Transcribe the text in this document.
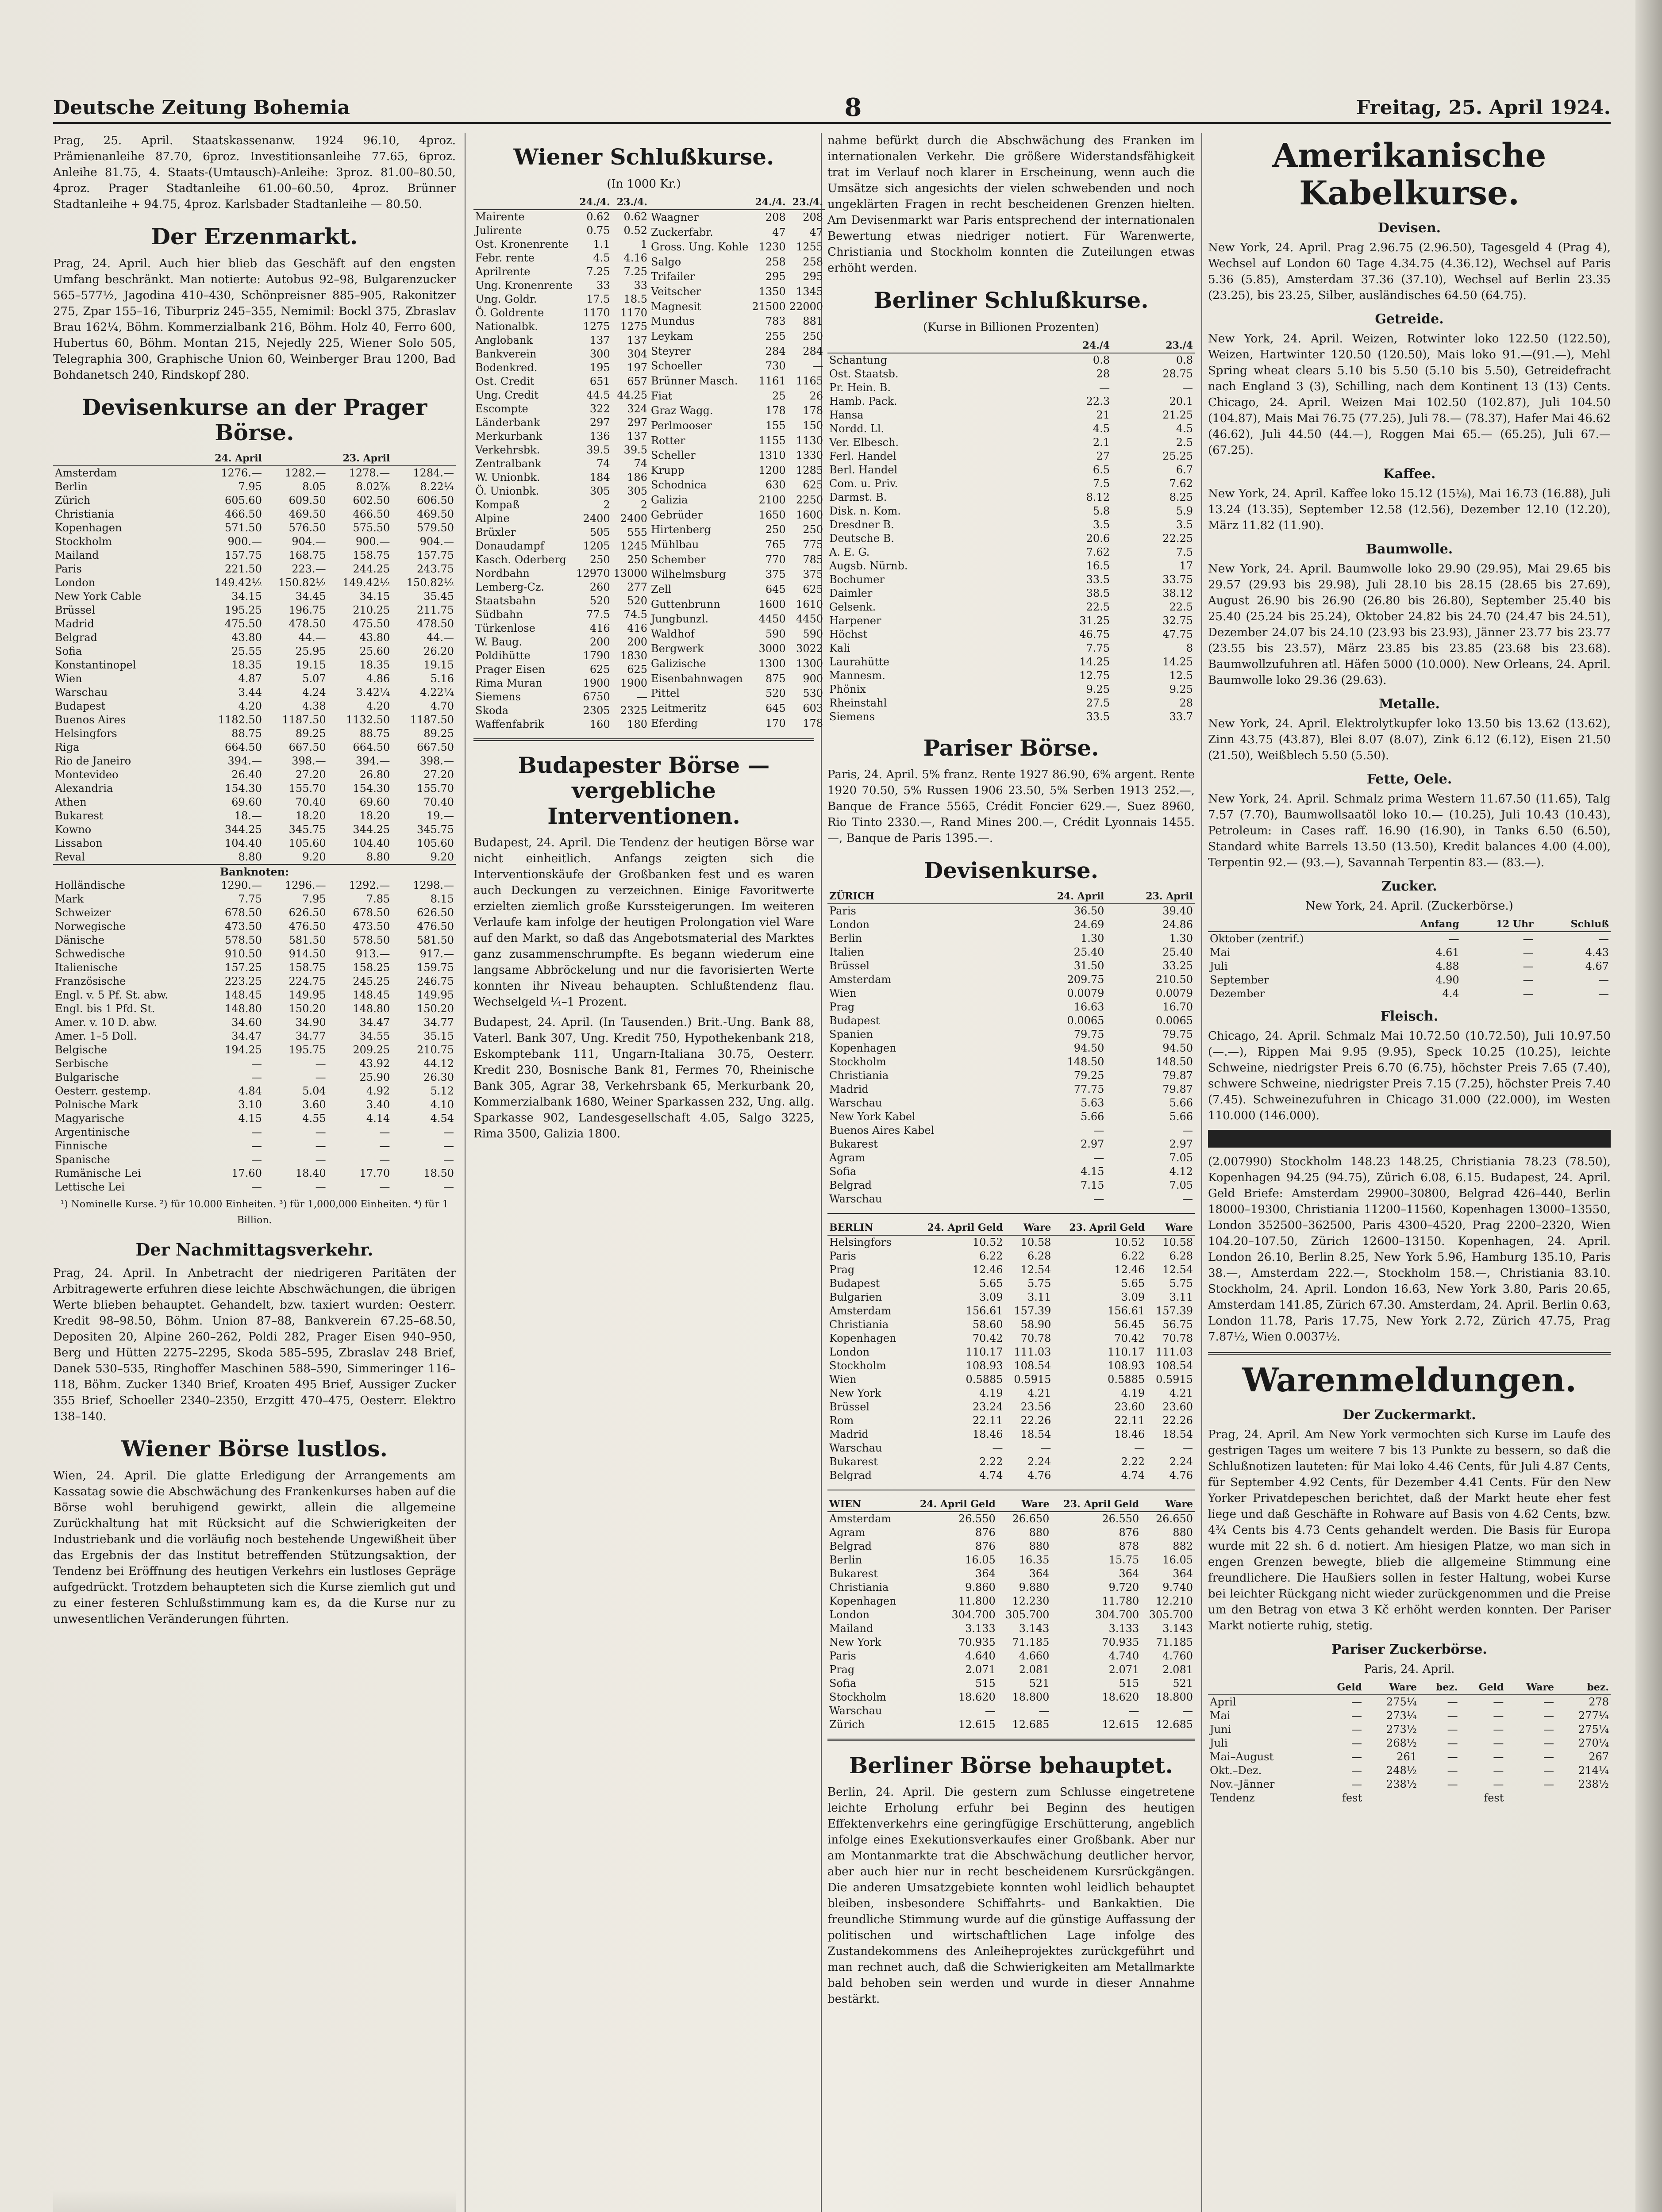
Deutsche Zeitung Bohemia	8	Freitag, 25. April 1924.

Prag, 25. April. Staatskassenanw. 1924 96.10, 4proz. Prämienanleihe 87.70, 6proz. Investitionsanleihe 77.65, 6proz. Anleihe 81.75, 4. Staats-(Umtausch)-Anleihe: 3proz. 81.00–80.50, 4proz. Prager Stadtanleihe 61.00–60.50, 4proz. Brünner Stadtanleihe + 94.75, 4proz. Karlsbader Stadtanleihe — 80.50.

Der Erzenmarkt.

Prag, 24. April. Auch hier blieb das Geschäft auf den engsten Umfang beschränkt. Man notierte: Autobus 92–98, Bulgarenzucker 565–577½, Jagodina 410–430, Schönpreisner 885–905, Rakonitzer 275, Zpar 155–16, Tiburpriz 245–355, Nemimil: Bockl 375, Zbraslav Brau 162¼, Böhm. Kommerzialbank 216, Böhm. Holz 40, Ferro 600, Hubertus 60, Böhm. Montan 215, Nejedly 225, Wiener Solo 505, Telegraphia 300, Graphische Union 60, Weinberger Brau 1200, Bad Bohdanetsch 240, Rindskopf 280.

Devisenkurse an der Prager Börse.
	24. April		23. April	
Amsterdam	1276.—	1282.—	1278.—	1284.—
Berlin	7.95	8.05	8.02⅞	8.22¼
Zürich	605.60	609.50	602.50	606.50
Christiania	466.50	469.50	466.50	469.50
Kopenhagen	571.50	576.50	575.50	579.50
Stockholm	900.—	904.—	900.—	904.—
Mailand	157.75	168.75	158.75	157.75
Paris	221.50	223.—	244.25	243.75
London	149.42½	150.82½	149.42½	150.82½
New York Cable	34.15	34.45	34.15	35.45
Brüssel	195.25	196.75	210.25	211.75
Madrid	475.50	478.50	475.50	478.50
Belgrad	43.80	44.—	43.80	44.—
Sofia	25.55	25.95	25.60	26.20
Konstantinopel	18.35	19.15	18.35	19.15
Wien	4.87	5.07	4.86	5.16
Warschau	3.44	4.24	3.42¼	4.22¼
Budapest	4.20	4.38	4.20	4.70
Buenos Aires	1182.50	1187.50	1132.50	1187.50
Helsingfors	88.75	89.25	88.75	89.25
Riga	664.50	667.50	664.50	667.50
Rio de Janeiro	394.—	398.—	394.—	398.—
Montevideo	26.40	27.20	26.80	27.20
Alexandria	154.30	155.70	154.30	155.70
Athen	69.60	70.40	69.60	70.40
Bukarest	18.—	18.20	18.20	19.—
Kowno	344.25	345.75	344.25	345.75
Lissabon	104.40	105.60	104.40	105.60
Reval	8.80	9.20	8.80	9.20
Banknoten:				
Holländische	1290.—	1296.—	1292.—	1298.—
Mark	7.75	7.95	7.85	8.15
Schweizer	678.50	626.50	678.50	626.50
Norwegische	473.50	476.50	473.50	476.50
Dänische	578.50	581.50	578.50	581.50
Schwedische	910.50	914.50	913.—	917.—
Italienische	157.25	158.75	158.25	159.75
Französische	223.25	224.75	245.25	246.75
Engl. v. 5 Pf. St. abw.	148.45	149.95	148.45	149.95
Engl. bis 1 Pfd. St.	148.80	150.20	148.80	150.20
Amer. v. 10 D. abw.	34.60	34.90	34.47	34.77
Amer. 1–5 Doll.	34.47	34.77	34.55	35.15
Belgische	194.25	195.75	209.25	210.75
Serbische	—	—	43.92	44.12
Bulgarische	—	—	25.90	26.30
Oesterr. gestemp.	4.84	5.04	4.92	5.12
Polnische Mark	3.10	3.60	3.40	4.10
Magyarische	4.15	4.55	4.14	4.54
Argentinische	—	—	—	—
Finnische	—	—	—	—
Spanische	—	—	—	—
Rumänische Lei	17.60	18.40	17.70	18.50
Lettische Lei	—	—	—	—
¹) Nominelle Kurse. ²) für 10.000 Einheiten. ³) für 1,000,000 Einheiten. ⁴) für 1 Billion.
Der Nachmittagsverkehr.

Prag, 24. April. In Anbetracht der niedrigeren Paritäten der Arbitragewerte erfuhren diese leichte Abschwächungen, die übrigen Werte blieben behauptet. Gehandelt, bzw. taxiert wurden: Oesterr. Kredit 98–98.50, Böhm. Union 87–88, Bankverein 67.25–68.50, Depositen 20, Alpine 260–262, Poldi 282, Prager Eisen 940–950, Berg und Hütten 2275–2295, Skoda 585–595, Zbraslav 248 Brief, Danek 530–535, Ringhoffer Maschinen 588–590, Simmeringer 116–118, Böhm. Zucker 1340 Brief, Kroaten 495 Brief, Aussiger Zucker 355 Brief, Schoeller 2340–2350, Erzgitt 470–475, Oesterr. Elektro 138–140.

Wiener Börse lustlos.

Wien, 24. April. Die glatte Erledigung der Arrangements am Kassatag sowie die Abschwächung des Frankenkurses haben auf die Börse wohl beruhigend gewirkt, allein die allgemeine Zurückhaltung hat mit Rücksicht auf die Schwierigkeiten der Industriebank und die vorläufig noch bestehende Ungewißheit über das Ergebnis der das Institut betreffenden Stützungsaktion, der Tendenz bei Eröffnung des heutigen Verkehrs ein lustloses Gepräge aufgedrückt. Trotzdem behaupteten sich die Kurse ziemlich gut und zu einer festeren Schlußstimmung kam es, da die Kurse nur zu unwesentlichen Veränderungen führten.

Wiener Schlußkurse.
(In 1000 Kr.)
	24./4.	23./4.
Mairente	0.62	0.62
Julirente	0.75	0.52
Ost. Kronenrente	1.1	1
Febr. rente	4.5	4.16
Aprilrente	7.25	7.25
Ung. Kronenrente	33	33
Ung. Goldr.	17.5	18.5
Ö. Goldrente	1170	1170
Nationalbk.	1275	1275
Anglobank	137	137
Bankverein	300	304
Bodenkred.	195	197
Ost. Credit	651	657
Ung. Credit	44.5	44.25
Escompte	322	324
Länderbank	297	297
Merkurbank	136	137
Verkehrsbk.	39.5	39.5
Zentralbank	74	74
W. Unionbk.	184	186
Ö. Unionbk.	305	305
Kompaß	2	2
Alpine	2400	2400
Brüxler	505	555
Donaudampf	1205	1245
Kasch. Oderberg	250	250
Nordbahn	12970	13000
Lemberg-Cz.	260	277
Staatsbahn	520	520
Südbahn	77.5	74.5
Türkenlose	416	416
W. Baug.	200	200
Poldihütte	1790	1830
Prager Eisen	625	625
Rima Muran	1900	1900
Siemens	6750	—
Skoda	2305	2325
Waffenfabrik	160	180
	24./4.	23./4.
Waagner	208	208
Zuckerfabr.	47	47
Gross. Ung. Kohle	1230	1255
Salgo	258	258
Trifailer	295	295
Veitscher	1350	1345
Magnesit	21500	22000
Mundus	783	881
Leykam	255	250
Steyrer	284	284
Schoeller	730	—
Brünner Masch.	1161	1165
Fiat	25	26
Graz Wagg.	178	178
Perlmooser	155	150
Rotter	1155	1130
Scheller	1310	1330
Krupp	1200	1285
Schodnica	630	625
Galizia	2100	2250
Gebrüder	1650	1600
Hirtenberg	250	250
Mühlbau	765	775
Schember	770	785
Wilhelmsburg	375	375
Zell	645	625
Guttenbrunn	1600	1610
Jungbunzl.	4450	4450
Waldhof	590	590
Bergwerk	3000	3022
Galizische	1300	1300
Eisenbahnwagen	875	900
Pittel	520	530
Leitmeritz	645	603
Eferding	170	178
Budapester Börse — vergebliche Interventionen.

Budapest, 24. April. Die Tendenz der heutigen Börse war nicht einheitlich. Anfangs zeigten sich die Interventionskäufe der Großbanken fest und es waren auch Deckungen zu verzeichnen. Einige Favoritwerte erzielten ziemlich große Kurssteigerungen. Im weiteren Verlaufe kam infolge der heutigen Prolongation viel Ware auf den Markt, so daß das Angebotsmaterial des Marktes ganz zusammenschrumpfte. Es begann wiederum eine langsame Abbröckelung und nur die favorisierten Werte konnten ihr Niveau behaupten. Schlußtendenz flau. Wechselgeld ¼–1 Prozent.

Budapest, 24. April. (In Tausenden.) Brit.-Ung. Bank 88, Vaterl. Bank 307, Ung. Kredit 750, Hypothekenbank 218, Eskomptebank 111, Ungarn-Italiana 30.75, Oesterr. Kredit 230, Bosnische Bank 81, Fermes 70, Rheinische Bank 305, Agrar 38, Verkehrsbank 65, Merkurbank 20, Kommerzialbank 1680, Weiner Sparkassen 232, Ung. allg. Sparkasse 902, Landesgesellschaft 4.05, Salgo 3225, Rima 3500, Galizia 1800.

nahme befürkt durch die Abschwächung des Franken im internationalen Verkehr. Die größere Widerstandsfähigkeit trat im Verlauf noch klarer in Erscheinung, wenn auch die Umsätze sich angesichts der vielen schwebenden und noch ungeklärten Fragen in recht bescheidenen Grenzen hielten. Am Devisenmarkt war Paris entsprechend der internationalen Bewertung etwas niedriger notiert. Für Warenwerte, Christiania und Stockholm konnten die Zuteilungen etwas erhöht werden.

Berliner Schlußkurse.
(Kurse in Billionen Prozenten)
	24./4	23./4
Schantung	0.8	0.8
Ost. Staatsb.	28	28.75
Pr. Hein. B.	—	—
Hamb. Pack.	22.3	20.1
Hansa	21	21.25
Nordd. Ll.	4.5	4.5
Ver. Elbesch.	2.1	2.5
Ferl. Handel	27	25.25
Berl. Handel	6.5	6.7
Com. u. Priv.	7.5	7.62
Darmst. B.	8.12	8.25
Disk. n. Kom.	5.8	5.9
Dresdner B.	3.5	3.5
Deutsche B.	20.6	22.25
A. E. G.	7.62	7.5
Augsb. Nürnb.	16.5	17
Bochumer	33.5	33.75
Daimler	38.5	38.12
Gelsenk.	22.5	22.5
Harpener	31.25	32.75
Höchst	46.75	47.75
Kali	7.75	8
Laurahütte	14.25	14.25
Mannesm.	12.75	12.5
Phönix	9.25	9.25
Rheinstahl	27.5	28
Siemens	33.5	33.7
Pariser Börse.

Paris, 24. April. 5% franz. Rente 1927 86.90, 6% argent. Rente 1920 70.50, 5% Russen 1906 23.50, 5% Serben 1913 252.—, Banque de France 5565, Crédit Foncier 629.—, Suez 8960, Rio Tinto 2330.—, Rand Mines 200.—, Crédit Lyonnais 1455.—, Banque de Paris 1395.—.

Devisenkurse.
ZÜRICH	24. April	23. April
Paris	36.50	39.40
London	24.69	24.86
Berlin	1.30	1.30
Italien	25.40	25.40
Brüssel	31.50	33.25
Amsterdam	209.75	210.50
Wien	0.0079	0.0079
Prag	16.63	16.70
Budapest	0.0065	0.0065
Spanien	79.75	79.75
Kopenhagen	94.50	94.50
Stockholm	148.50	148.50
Christiania	79.25	79.87
Madrid	77.75	79.87
Warschau	5.63	5.66
New York Kabel	5.66	5.66
Buenos Aires Kabel	—	—
Bukarest	2.97	2.97
Agram	—	7.05
Sofia	4.15	4.12
Belgrad	7.15	7.05
Warschau	—	—
BERLIN	24. April Geld	Ware	23. April Geld	Ware
Helsingfors	10.52	10.58	10.52	10.58
Paris	6.22	6.28	6.22	6.28
Prag	12.46	12.54	12.46	12.54
Budapest	5.65	5.75	5.65	5.75
Bulgarien	3.09	3.11	3.09	3.11
Amsterdam	156.61	157.39	156.61	157.39
Christiania	58.60	58.90	56.45	56.75
Kopenhagen	70.42	70.78	70.42	70.78
London	110.17	111.03	110.17	111.03
Stockholm	108.93	108.54	108.93	108.54
Wien	0.5885	0.5915	0.5885	0.5915
New York	4.19	4.21	4.19	4.21
Brüssel	23.24	23.56	23.60	23.60
Rom	22.11	22.26	22.11	22.26
Madrid	18.46	18.54	18.46	18.54
Warschau	—	—	—	—
Bukarest	2.22	2.24	2.22	2.24
Belgrad	4.74	4.76	4.74	4.76
WIEN	24. April Geld	Ware	23. April Geld	Ware
Amsterdam	26.550	26.650	26.550	26.650
Agram	876	880	876	880
Belgrad	876	880	878	882
Berlin	16.05	16.35	15.75	16.05
Bukarest	364	364	364	364
Christiania	9.860	9.880	9.720	9.740
Kopenhagen	11.800	12.230	11.780	12.210
London	304.700	305.700	304.700	305.700
Mailand	3.133	3.143	3.133	3.143
New York	70.935	71.185	70.935	71.185
Paris	4.640	4.660	4.740	4.760
Prag	2.071	2.081	2.071	2.081
Sofia	515	521	515	521
Stockholm	18.620	18.800	18.620	18.800
Warschau	—	—	—	—
Zürich	12.615	12.685	12.615	12.685
Berliner Börse behauptet.

Berlin, 24. April. Die gestern zum Schlusse eingetretene leichte Erholung erfuhr bei Beginn des heutigen Effektenverkehrs eine geringfügige Erschütterung, angeblich infolge eines Exekutionsverkaufes einer Großbank. Aber nur am Montanmarkte trat die Abschwächung deutlicher hervor, aber auch hier nur in recht bescheidenem Kursrückgängen. Die anderen Umsatzgebiete konnten wohl leidlich behauptet bleiben, insbesondere Schiffahrts- und Bankaktien. Die freundliche Stimmung wurde auf die günstige Auffassung der politischen und wirtschaftlichen Lage infolge des Zustandekommens des Anleiheprojektes zurückgeführt und man rechnet auch, daß die Schwierigkeiten am Metallmarkte bald behoben sein werden und wurde in dieser Annahme bestärkt.

Amerikanische Kabelkurse.
Devisen.

New York, 24. April. Prag 2.96.75 (2.96.50), Tagesgeld 4 (Prag 4), Wechsel auf London 60 Tage 4.34.75 (4.36.12), Wechsel auf Paris 5.36 (5.85), Amsterdam 37.36 (37.10), Wechsel auf Berlin 23.35 (23.25), bis 23.25, Silber, ausländisches 64.50 (64.75).

Getreide.

New York, 24. April. Weizen, Rotwinter loko 122.50 (122.50), Weizen, Hartwinter 120.50 (120.50), Mais loko 91.—(91.—), Mehl Spring wheat clears 5.10 bis 5.50 (5.10 bis 5.50), Getreidefracht nach England 3 (3), Schilling, nach dem Kontinent 13 (13) Cents. Chicago, 24. April. Weizen Mai 102.50 (102.87), Juli 104.50 (104.87), Mais Mai 76.75 (77.25), Juli 78.— (78.37), Hafer Mai 46.62 (46.62), Juli 44.50 (44.—), Roggen Mai 65.— (65.25), Juli 67.— (67.25).

Kaffee.

New York, 24. April. Kaffee loko 15.12 (15⅛), Mai 16.73 (16.88), Juli 13.24 (13.35), September 12.58 (12.56), Dezember 12.10 (12.20), März 11.82 (11.90).

Baumwolle.

New York, 24. April. Baumwolle loko 29.90 (29.95), Mai 29.65 bis 29.57 (29.93 bis 29.98), Juli 28.10 bis 28.15 (28.65 bis 27.69), August 26.90 bis 26.90 (26.80 bis 26.80), September 25.40 bis 25.40 (25.24 bis 25.24), Oktober 24.82 bis 24.70 (24.47 bis 24.51), Dezember 24.07 bis 24.10 (23.93 bis 23.93), Jänner 23.77 bis 23.77 (23.55 bis 23.57), März 23.85 bis 23.85 (23.68 bis 23.68). Baumwollzufuhren atl. Häfen 5000 (10.000). New Orleans, 24. April. Baumwolle loko 29.36 (29.63).

Metalle.

New York, 24. April. Elektrolytkupfer loko 13.50 bis 13.62 (13.62), Zinn 43.75 (43.87), Blei 8.07 (8.07), Zink 6.12 (6.12), Eisen 21.50 (21.50), Weißblech 5.50 (5.50).

Fette, Oele.

New York, 24. April. Schmalz prima Western 11.67.50 (11.65), Talg 7.57 (7.70), Baumwollsaatöl loko 10.— (10.25), Juli 10.43 (10.43), Petroleum: in Cases raff. 16.90 (16.90), in Tanks 6.50 (6.50), Standard white Barrels 13.50 (13.50), Kredit balances 4.00 (4.00), Terpentin 92.— (93.—), Savannah Terpentin 83.— (83.—).

Zucker.
New York, 24. April. (Zuckerbörse.)
	Anfang	12 Uhr	Schluß
Oktober (zentrif.)	—	—	—
Mai	4.61	—	4.43
Juli	4.88	—	4.67
September	4.90	—	—
Dezember	4.4	—	—
Fleisch.

Chicago, 24. April. Schmalz Mai 10.72.50 (10.72.50), Juli 10.97.50 (—.—), Rippen Mai 9.95 (9.95), Speck 10.25 (10.25), leichte Schweine, niedrigster Preis 6.70 (6.75), höchster Preis 7.65 (7.40), schwere Schweine, niedrigster Preis 7.15 (7.25), höchster Preis 7.40 (7.45). Schweinezufuhren in Chicago 31.000 (22.000), im Westen 110.000 (146.000).

(2.007990) Stockholm 148.23 148.25, Christiania 78.23 (78.50), Kopenhagen 94.25 (94.75), Zürich 6.08, 6.15. Budapest, 24. April. Geld Briefe: Amsterdam 29900–30800, Belgrad 426–440, Berlin 18000–19300, Christiania 11200–11560, Kopenhagen 13000–13550, London 352500–362500, Paris 4300–4520, Prag 2200–2320, Wien 104.20–107.50, Zürich 12600–13150. Kopenhagen, 24. April. London 26.10, Berlin 8.25, New York 5.96, Hamburg 135.10, Paris 38.—, Amsterdam 222.—, Stockholm 158.—, Christiania 83.10. Stockholm, 24. April. London 16.63, New York 3.80, Paris 20.65, Amsterdam 141.85, Zürich 67.30. Amsterdam, 24. April. Berlin 0.63, London 11.78, Paris 17.75, New York 2.72, Zürich 47.75, Prag 7.87½, Wien 0.0037½.

Warenmeldungen.
Der Zuckermarkt.

Prag, 24. April. Am New York vermochten sich Kurse im Laufe des gestrigen Tages um weitere 7 bis 13 Punkte zu bessern, so daß die Schlußnotizen lauteten: für Mai loko 4.46 Cents, für Juli 4.87 Cents, für September 4.92 Cents, für Dezember 4.41 Cents. Für den New Yorker Privatdepeschen berichtet, daß der Markt heute eher fest liege und daß Geschäfte in Rohware auf Basis von 4.62 Cents, bzw. 4¾ Cents bis 4.73 Cents gehandelt werden. Die Basis für Europa wurde mit 22 sh. 6 d. notiert. Am hiesigen Platze, wo man sich in engen Grenzen bewegte, blieb die allgemeine Stimmung eine freundlichere. Die Haußiers sollen in fester Haltung, wobei Kurse bei leichter Rückgang nicht wieder zurückgenommen und die Preise um den Betrag von etwa 3 Kč erhöht werden konnten. Der Pariser Markt notierte ruhig, stetig.

Pariser Zuckerbörse.
Paris, 24. April.
	Geld	Ware	bez.	Geld	Ware	bez.
April	—	275¼	—	—	—	278
Mai	—	273¼	—	—	—	277¼
Juni	—	273½	—	—	—	275¼
Juli	—	268½	—	—	—	270¼
Mai–August	—	261	—	—	—	267
Okt.–Dez.	—	248½	—	—	—	214¼
Nov.–Jänner	—	238½	—	—	—	238½
Tendenz	fest			fest		
